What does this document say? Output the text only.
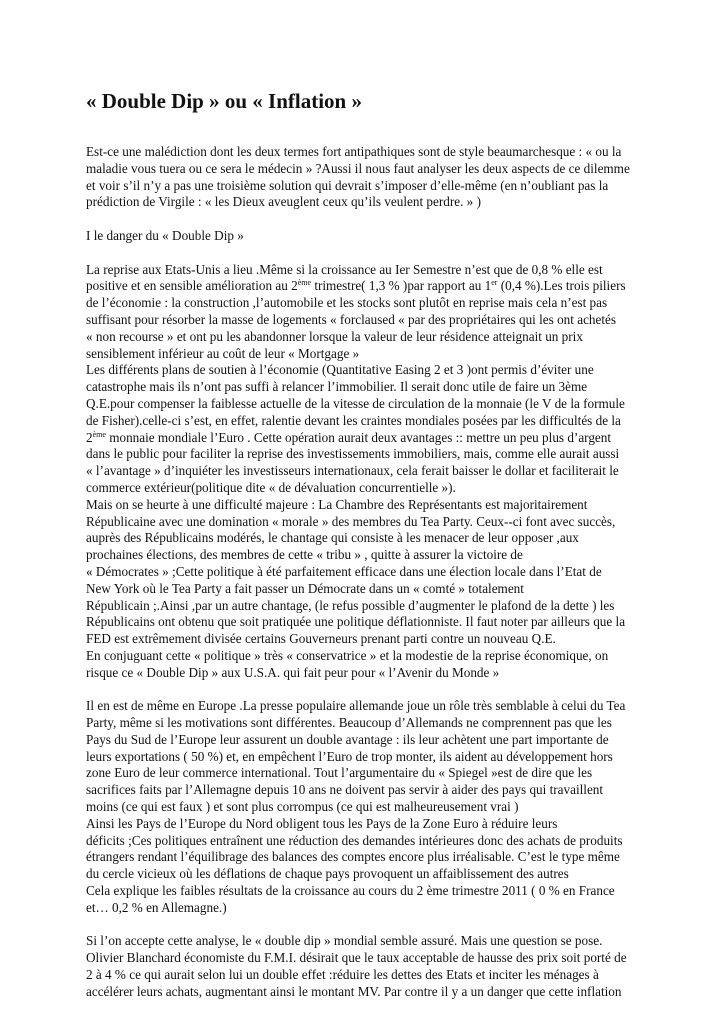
« Double Dip » ou « Inflation »

Est-ce une malédiction dont les deux termes fort antipathiques sont de style beaumarchesque : « ou la

maladie vous tuera ou ce sera le médecin » ?Aussi il nous faut analyser les deux aspects de ce dilemme

et voir s’il n’y a pas une troisième solution qui devrait s’imposer d’elle-même (en n’oubliant pas la

prédiction de Virgile : « les Dieux aveuglent ceux qu’ils veulent perdre. » )

I le danger du « Double Dip »

La reprise aux Etats-Unis a lieu .Même si la croissance au Ier Semestre n’est que de 0,8 % elle est

positive et en sensible amélioration au 2ème trimestre( 1,3 % )par rapport au 1er (0,4 %).Les trois piliers

de l’économie : la construction ,l’automobile et les stocks sont plutôt en reprise mais cela n’est pas

suffisant pour résorber la masse de logements « forclaused « par des propriétaires qui les ont achetés

« non recourse » et ont pu les abandonner lorsque la valeur de leur résidence atteignait un prix

sensiblement inférieur au coût de leur « Mortgage »

Les différents plans de soutien à l’économie (Quantitative Easing 2 et 3 )ont permis d’éviter une

catastrophe mais ils n’ont pas suffi à relancer l’immobilier. Il serait donc utile de faire un 3ème

Q.E.pour compenser la faiblesse actuelle de la vitesse de circulation de la monnaie (le V de la formule

de Fisher).celle-ci s’est, en effet, ralentie devant les craintes mondiales posées par les difficultés de la

2ème monnaie mondiale l’Euro . Cette opération aurait deux avantages :: mettre un peu plus d’argent

dans le public pour faciliter la reprise des investissements immobiliers, mais, comme elle aurait aussi

« l’avantage » d’inquiéter les investisseurs internationaux, cela ferait baisser le dollar et faciliterait le

commerce extérieur(politique dite « de dévaluation concurrentielle »).

Mais on se heurte à une difficulté majeure : La Chambre des Représentants est majoritairement

Républicaine avec une domination « morale » des membres du Tea Party. Ceux--ci font avec succès,

auprès des Républicains modérés, le chantage qui consiste à les menacer de leur opposer ,aux

prochaines élections, des membres de cette « tribu » , quitte à assurer la victoire de

« Démocrates » ;Cette politique à été parfaitement efficace dans une élection locale dans l’Etat de

New York où le Tea Party a fait passer un Démocrate dans un « comté » totalement

Républicain ;.Ainsi ,par un autre chantage, (le refus possible d’augmenter le plafond de la dette ) les

Républicains ont obtenu que soit pratiquée une politique déflationniste. Il faut noter par ailleurs que la

FED est extrêmement divisée certains Gouverneurs prenant parti contre un nouveau Q.E.

En conjuguant cette « politique » très « conservatrice » et la modestie de la reprise économique, on

risque ce « Double Dip » aux U.S.A. qui fait peur pour « l’Avenir du Monde »

Il en est de même en Europe .La presse populaire allemande joue un rôle très semblable à celui du Tea

Party, même si les motivations sont différentes. Beaucoup d’Allemands ne comprennent pas que les

Pays du Sud de l’Europe leur assurent un double avantage : ils leur achètent une part importante de

leurs exportations ( 50 %) et, en empêchent l’Euro de trop monter, ils aident au développement hors

zone Euro de leur commerce international. Tout l’argumentaire du « Spiegel »est de dire que les

sacrifices faits par l’Allemagne depuis 10 ans ne doivent pas servir à aider des pays qui travaillent

moins (ce qui est faux ) et sont plus corrompus (ce qui est malheureusement vrai )

Ainsi les Pays de l’Europe du Nord obligent tous les Pays de la Zone Euro à réduire leurs

déficits ;Ces politiques entraînent une réduction des demandes intérieures donc des achats de produits

étrangers rendant l’équilibrage des balances des comptes encore plus irréalisable. C’est le type même

du cercle vicieux où les déflations de chaque pays provoquent un affaiblissement des autres

Cela explique les faibles résultats de la croissance au cours du 2 ème trimestre 2011 ( 0 % en France

et… 0,2 % en Allemagne.)

Si l’on accepte cette analyse, le « double dip » mondial semble assuré. Mais une question se pose.

Olivier Blanchard économiste du F.M.I. désirait que le taux acceptable de hausse des prix soit porté de

2 à 4 % ce qui aurait selon lui un double effet :réduire les dettes des Etats et inciter les ménages à

accélérer leurs achats, augmentant ainsi le montant MV. Par contre il y a un danger que cette inflation
